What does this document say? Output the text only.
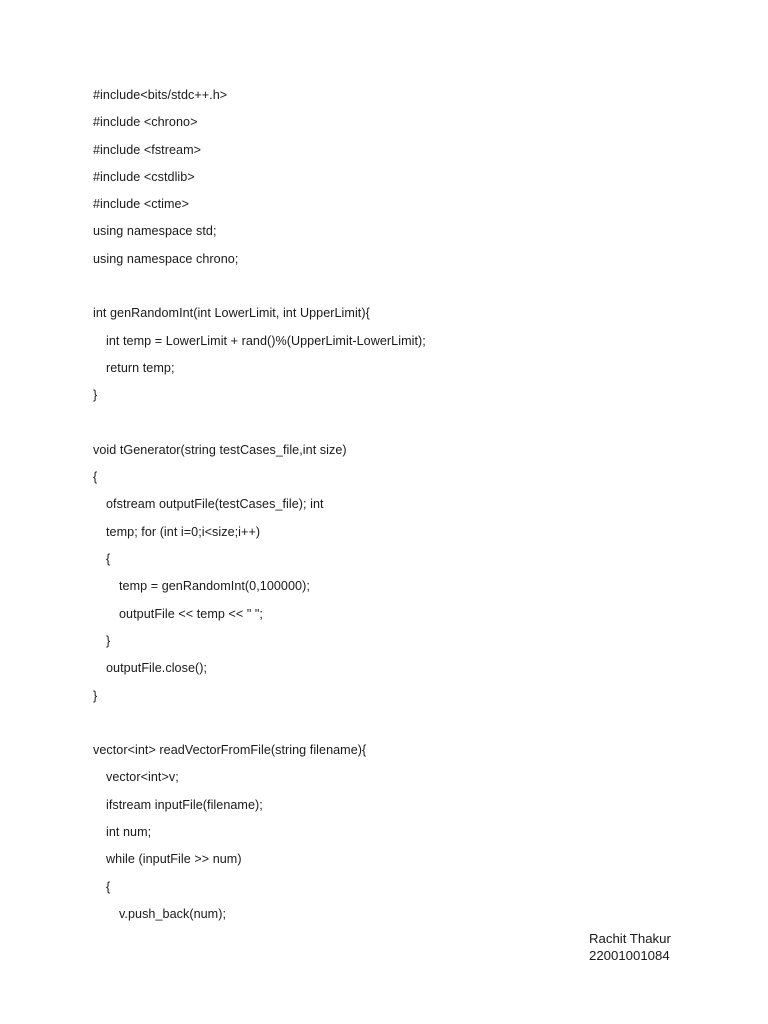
#include<bits/stdc++.h>
#include <chrono>
#include <fstream>
#include <cstdlib>
#include <ctime>
using namespace std;
using namespace chrono;
int genRandomInt(int LowerLimit, int UpperLimit){
int temp = LowerLimit + rand()%(UpperLimit-LowerLimit);
return temp;
}
void tGenerator(string testCases_file,int size)
{
ofstream outputFile(testCases_file); int
temp; for (int i=0;i<size;i++)
{
temp = genRandomInt(0,100000);
outputFile << temp << " ";
}
outputFile.close();
}
vector<int> readVectorFromFile(string filename){
vector<int>v;
ifstream inputFile(filename);
int num;
while (inputFile >> num)
{
v.push_back(num);
Rachit Thakur
22001001084
